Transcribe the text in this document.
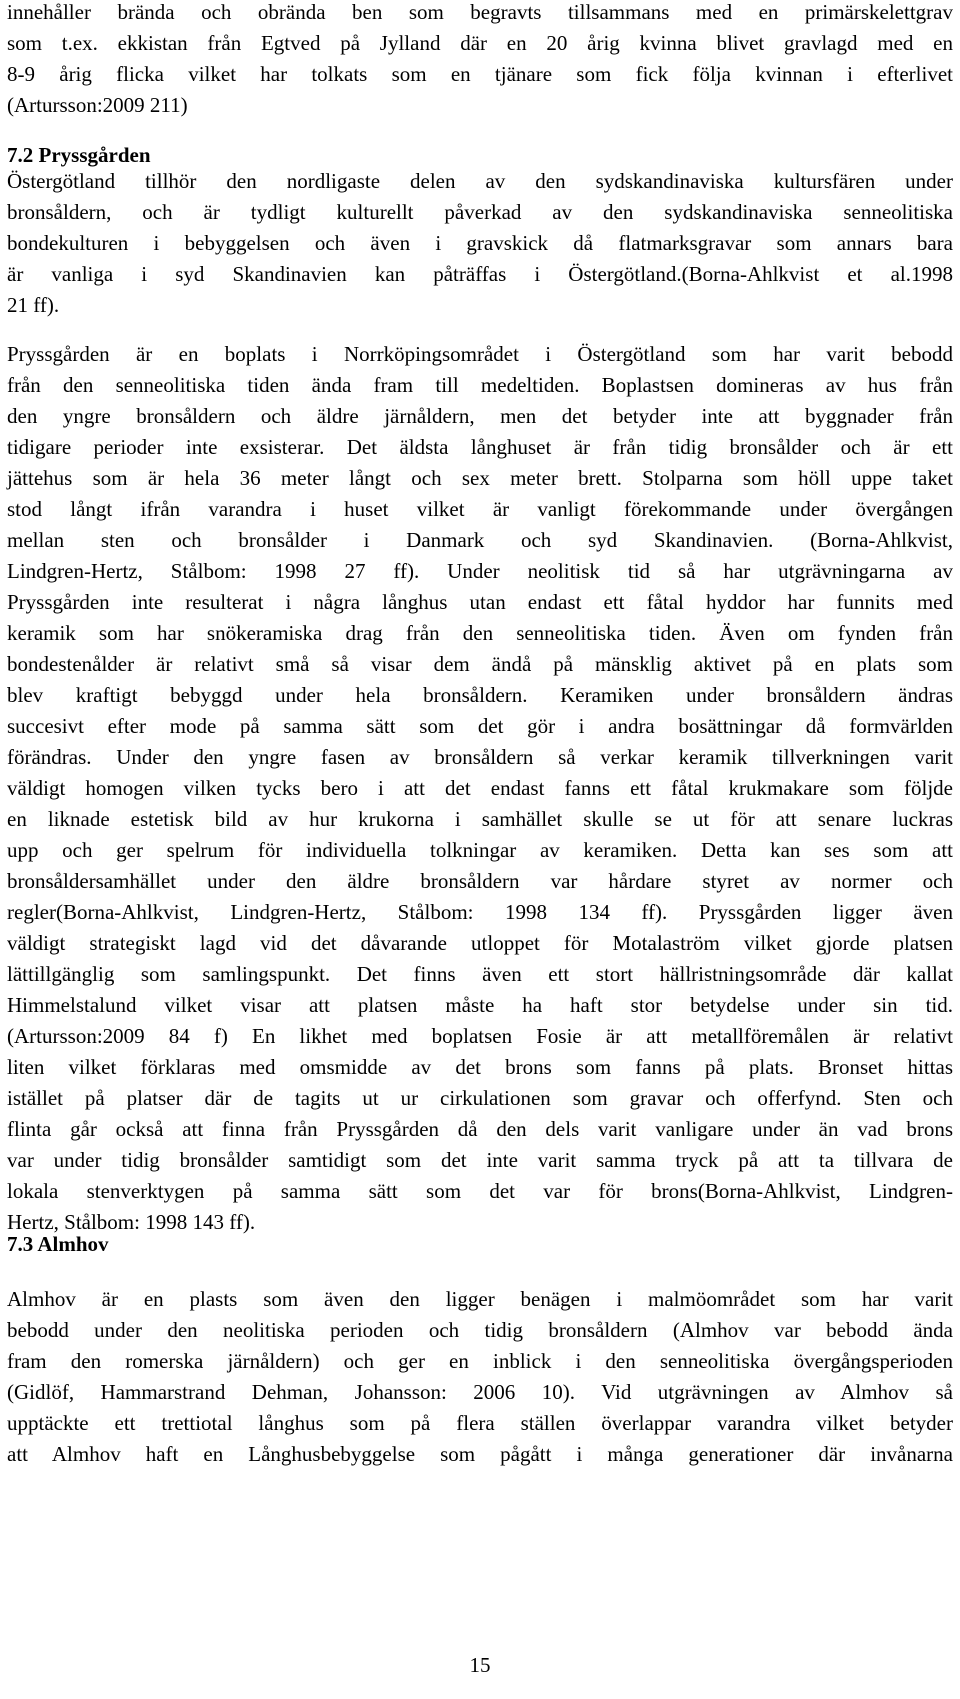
innehåller brända och obrända ben som begravts tillsammans med en primärskelettgrav
som t.ex. ekkistan från Egtved på Jylland där en 20 årig kvinna blivet gravlagd med en
8-9 årig flicka vilket har tolkats som en tjänare som fick följa kvinnan i efterlivet
(Artursson:2009 211)
7.2 Pryssgården
Östergötland tillhör den nordligaste delen av den sydskandinaviska kultursfären under
bronsåldern, och är tydligt kulturellt påverkad av den sydskandinaviska senneolitiska
bondekulturen i bebyggelsen och även i gravskick då flatmarksgravar som annars bara
är vanliga i syd Skandinavien kan påträffas i Östergötland.(Borna-Ahlkvist et al.1998
21 ff).
Pryssgården är en boplats i Norrköpingsområdet i Östergötland som har varit bebodd
från den senneolitiska tiden ända fram till medeltiden. Boplastsen domineras av hus från
den yngre bronsåldern och äldre järnåldern, men det betyder inte att byggnader från
tidigare perioder inte exsisterar. Det äldsta långhuset är från tidig bronsålder och är ett
jättehus som är hela 36 meter långt och sex meter brett. Stolparna som höll uppe taket
stod långt ifrån varandra i huset vilket är vanligt förekommande under övergången
mellan sten och bronsålder i Danmark och syd Skandinavien. (Borna-Ahlkvist,
Lindgren-Hertz, Stålbom: 1998 27 ff). Under neolitisk tid så har utgrävningarna av
Pryssgården inte resulterat i några långhus utan endast ett fåtal hyddor har funnits med
keramik som har snökeramiska drag från den senneolitiska tiden. Även om fynden från
bondestenålder är relativt små så visar dem ändå på mänsklig aktivet på en plats som
blev kraftigt bebyggd under hela bronsåldern. Keramiken under bronsåldern ändras
succesivt efter mode på samma sätt som det gör i andra bosättningar då formvärlden
förändras. Under den yngre fasen av bronsåldern så verkar keramik tillverkningen varit
väldigt homogen vilken tycks bero i att det endast fanns ett fåtal krukmakare som följde
en liknade estetisk bild av hur krukorna i samhället skulle se ut för att senare luckras
upp och ger spelrum för individuella tolkningar av keramiken. Detta kan ses som att
bronsåldersamhället under den äldre bronsåldern var hårdare styret av normer och
regler(Borna-Ahlkvist, Lindgren-Hertz, Stålbom: 1998 134 ff). Pryssgården ligger även
väldigt strategiskt lagd vid det dåvarande utloppet för Motalaström vilket gjorde platsen
lättillgänglig som samlingspunkt. Det finns även ett stort hällristningsområde där kallat
Himmelstalund vilket visar att platsen måste ha haft stor betydelse under sin tid.
(Artursson:2009 84 f) En likhet med boplatsen Fosie är att metallföremålen är relativt
liten vilket förklaras med omsmidde av det brons som fanns på plats. Bronset hittas
istället på platser där de tagits ut ur cirkulationen som gravar och offerfynd. Sten och
flinta går också att finna från Pryssgården då den dels varit vanligare under än vad brons
var under tidig bronsålder samtidigt som det inte varit samma tryck på att ta tillvara de
lokala stenverktygen på samma sätt som det var för brons(Borna-Ahlkvist, Lindgren-
Hertz, Stålbom: 1998 143 ff).
7.3 Almhov
Almhov är en plasts som även den ligger benägen i malmöområdet som har varit
bebodd under den neolitiska perioden och tidig bronsåldern (Almhov var bebodd ända
fram den romerska järnåldern) och ger en inblick i den senneolitiska övergångsperioden
(Gidlöf, Hammarstrand Dehman, Johansson: 2006 10). Vid utgrävningen av Almhov så
upptäckte ett trettiotal långhus som på flera ställen överlappar varandra vilket betyder
att Almhov haft en Långhusbebyggelse som pågått i många generationer där invånarna
15
